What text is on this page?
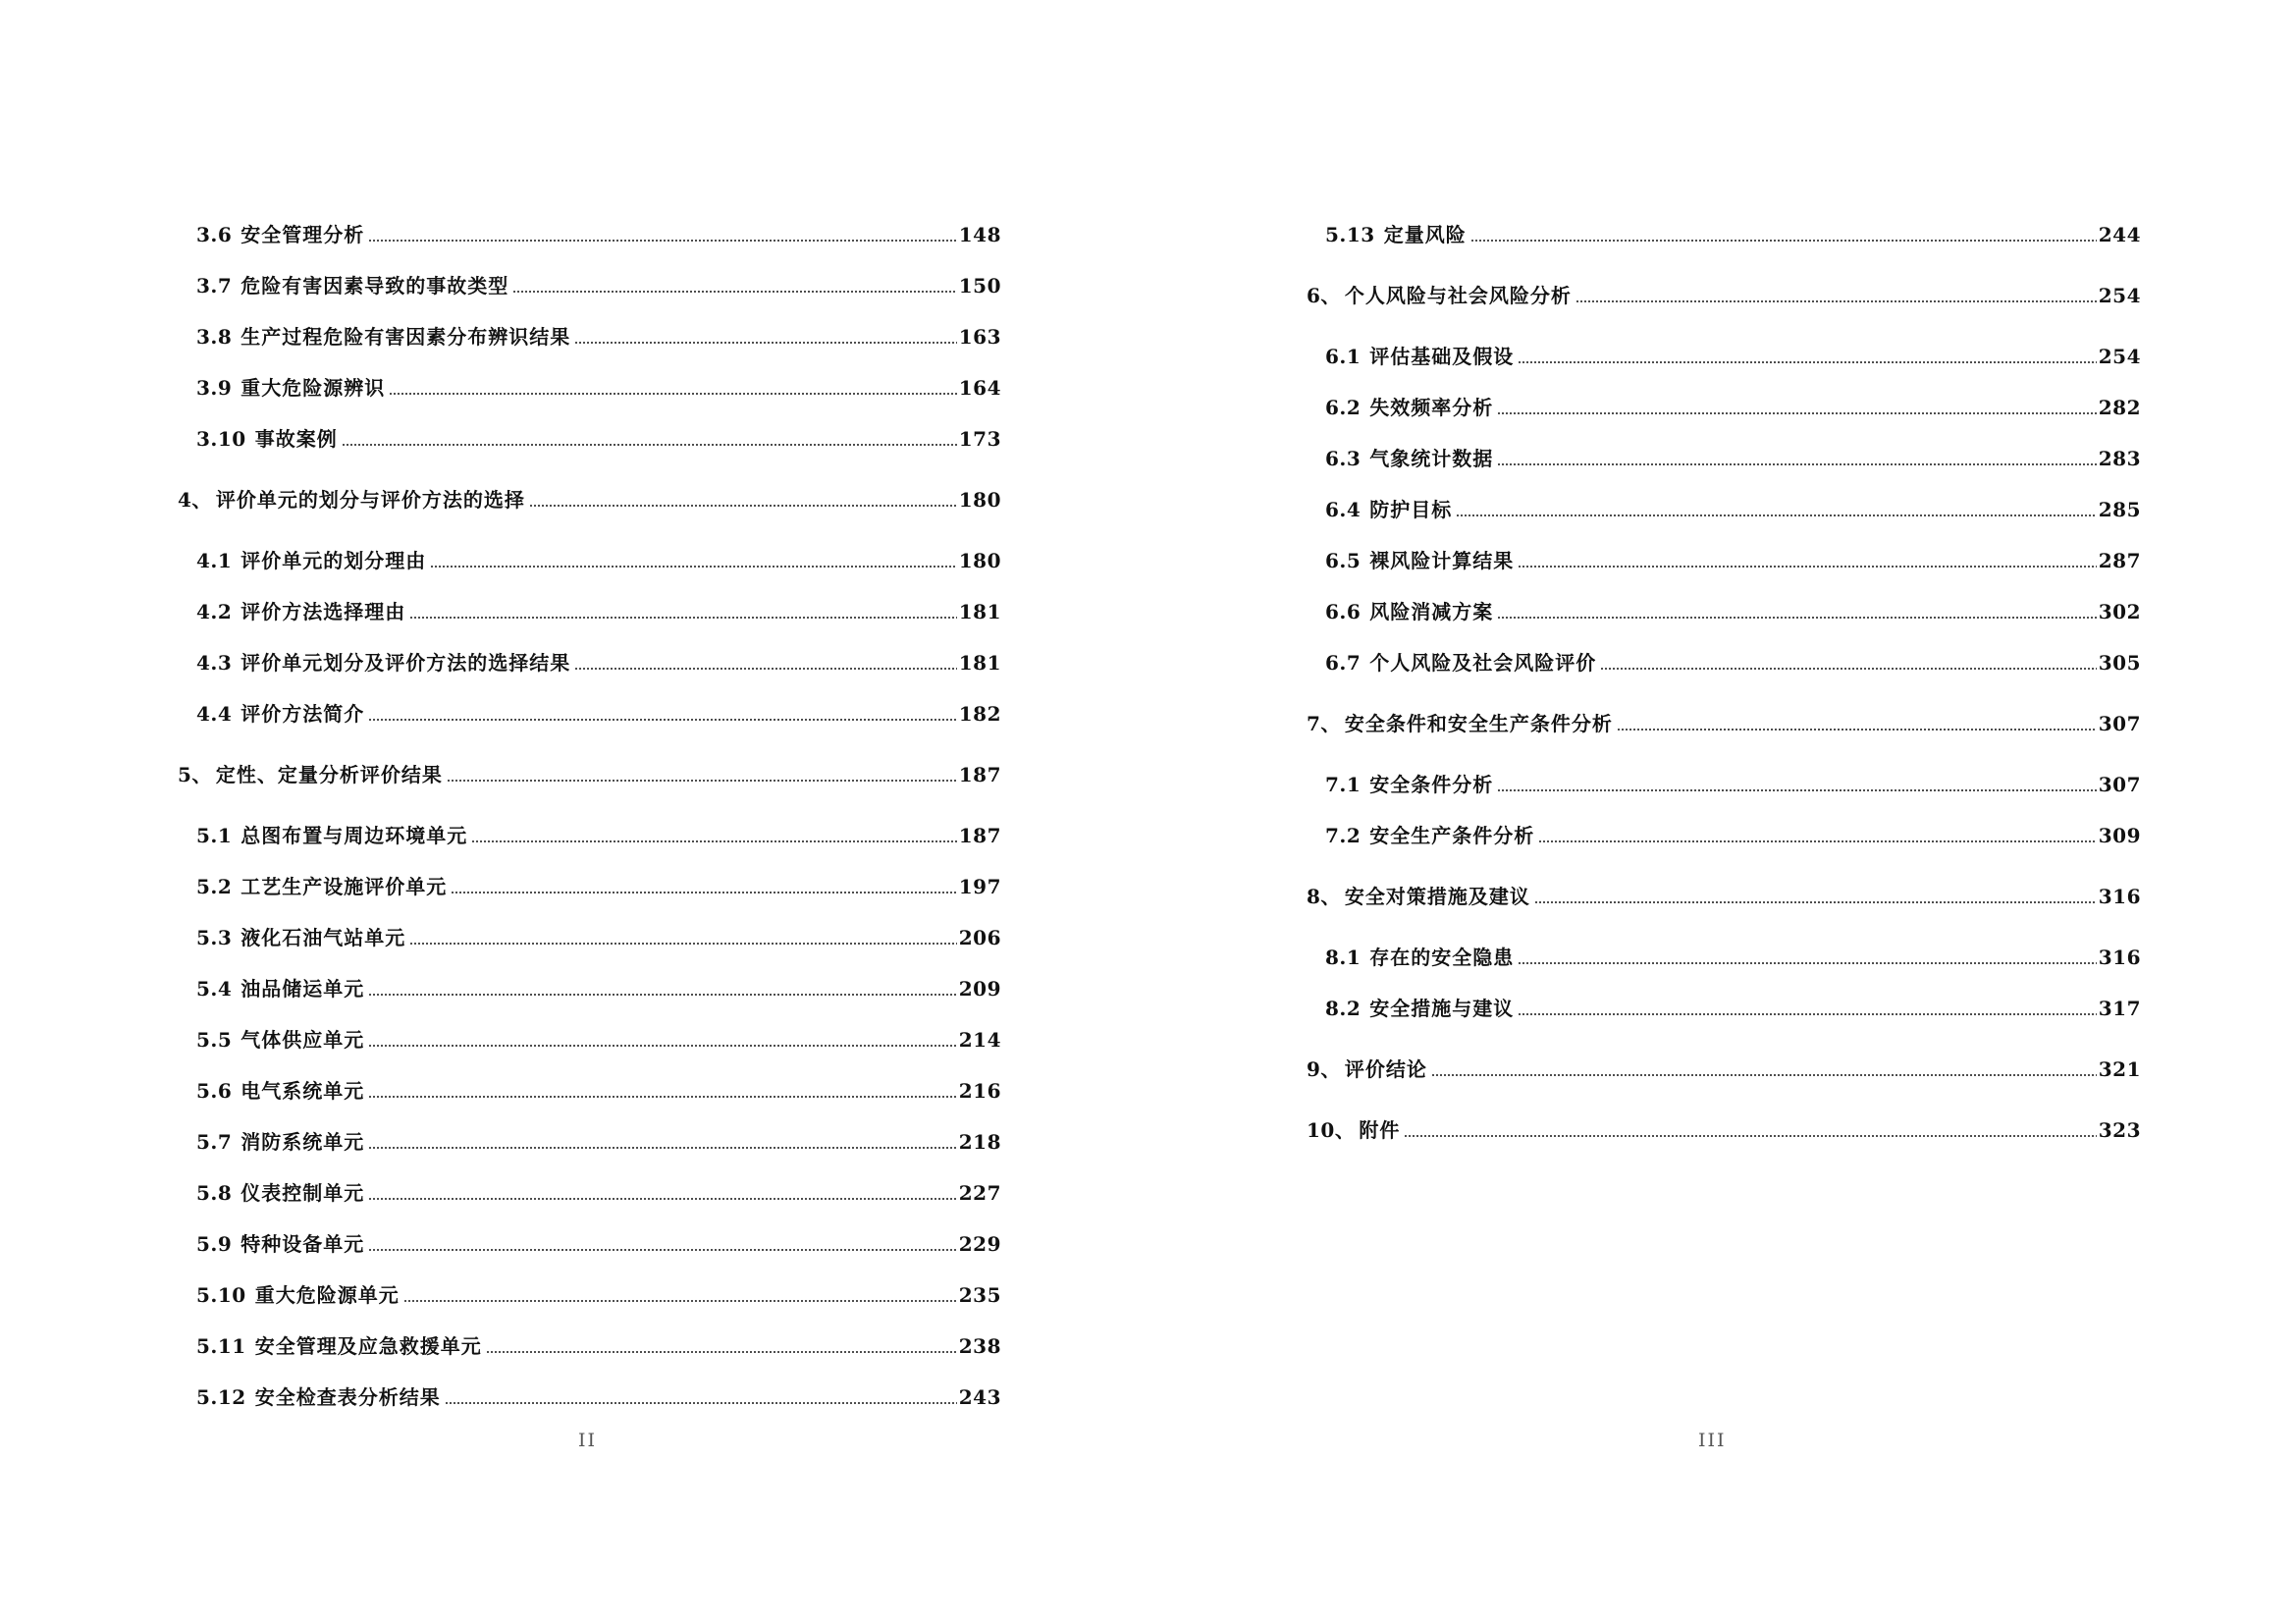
3.6 安全管理分析	148
3.7 危险有害因素导致的事故类型	150
3.8 生产过程危险有害因素分布辨识结果	163
3.9 重大危险源辨识	164
3.10 事故案例	173
4、 评价单元的划分与评价方法的选择	180
4.1 评价单元的划分理由	180
4.2 评价方法选择理由	181
4.3 评价单元划分及评价方法的选择结果	181
4.4 评价方法简介	182
5、 定性、定量分析评价结果	187
5.1 总图布置与周边环境单元	187
5.2 工艺生产设施评价单元	197
5.3 液化石油气站单元	206
5.4 油品储运单元	209
5.5 气体供应单元	214
5.6 电气系统单元	216
5.7 消防系统单元	218
5.8 仪表控制单元	227
5.9 特种设备单元	229
5.10 重大危险源单元	235
5.11 安全管理及应急救援单元	238
5.12 安全检查表分析结果	243
II
5.13 定量风险	244
6、 个人风险与社会风险分析	254
6.1 评估基础及假设	254
6.2 失效频率分析	282
6.3 气象统计数据	283
6.4 防护目标	285
6.5 裸风险计算结果	287
6.6 风险消减方案	302
6.7 个人风险及社会风险评价	305
7、 安全条件和安全生产条件分析	307
7.1 安全条件分析	307
7.2 安全生产条件分析	309
8、 安全对策措施及建议	316
8.1 存在的安全隐患	316
8.2 安全措施与建议	317
9、 评价结论	321
10、 附件	323
III
